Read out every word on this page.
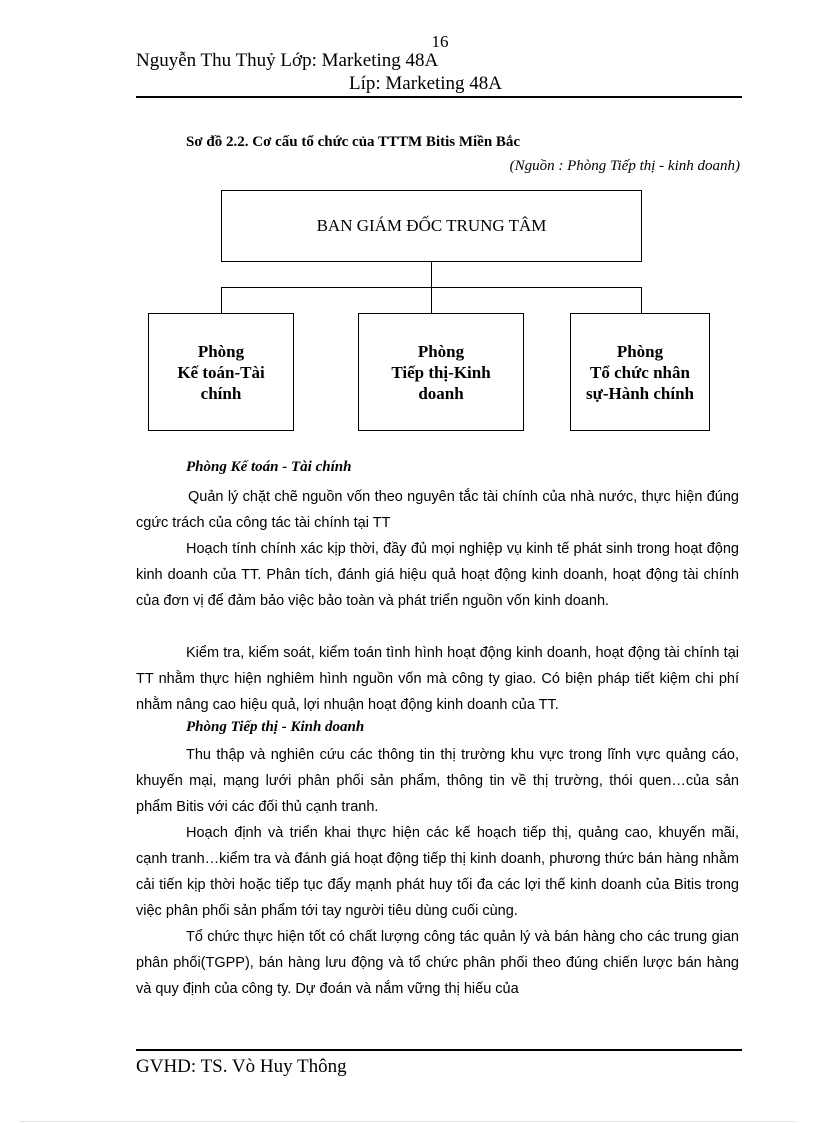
16
Nguyễn Thu Thuỷ Lớp: Marketing 48A
Líp: Marketing 48A
Sơ đồ 2.2. Cơ cấu tổ chức của TTTM Bitis Miền Bắc
(Nguồn : Phòng Tiếp thị - kinh doanh)
BAN GIÁM ĐỐC TRUNG TÂM
Phòng
Kế toán-Tài
chính
Phòng
Tiếp thị-Kinh
doanh
Phòng
Tổ chức nhân
sự-Hành chính
Phòng Kế toán - Tài chính
Quản lý chặt chẽ nguồn vốn theo nguyên tắc tài chính của nhà nước, thực hiện đúng cgức trách của công tác tài chính tại TT
Hoạch tính chính xác kịp thời, đầy đủ mọi nghiệp vụ kinh tế phát sinh trong hoạt động kinh doanh của TT. Phân tích, đánh giá hiệu quả hoạt động kinh doanh, hoạt động tài chính của đơn vị để đảm bảo việc bảo toàn và phát triển nguồn vốn kinh doanh.
Kiểm tra, kiểm soát, kiểm toán tình hình hoạt động kinh doanh, hoạt động tài chính tại TT nhằm thực hiện nghiêm hình nguồn vốn mà công ty giao. Có biện pháp tiết kiệm chi phí nhằm nâng cao hiệu quả, lợi nhuận hoạt động kinh doanh của TT.
Phòng Tiếp thị - Kinh doanh
Thu thập và nghiên cứu các thông tin thị trường khu vực trong lĩnh vực quảng cáo, khuyến mại, mạng lưới phân phối sản phẩm, thông tin về thị trường, thói quen…của sản phẩm Bitis với các đối thủ cạnh tranh.
Hoạch định và triển khai thực hiện các kế hoạch tiếp thị, quảng cao, khuyến mãi, cạnh tranh…kiểm tra và đánh giá hoạt động tiếp thị kinh doanh, phương thức bán hàng nhằm cải tiến kịp thời hoặc tiếp tục đẩy mạnh phát huy tối đa các lợi thế kinh doanh của Bitis trong việc phân phối sản phẩm tới tay người tiêu dùng cuối cùng.
Tổ chức thực hiện tốt có chất lượng công tác quản lý và bán hàng cho các trung gian phân phối(TGPP), bán hàng lưu động và tổ chức phân phối theo đúng chiến lược bán hàng và quy định của công ty. Dự đoán và nắm vững thị hiếu của
GVHD: TS. Vò Huy Thông
